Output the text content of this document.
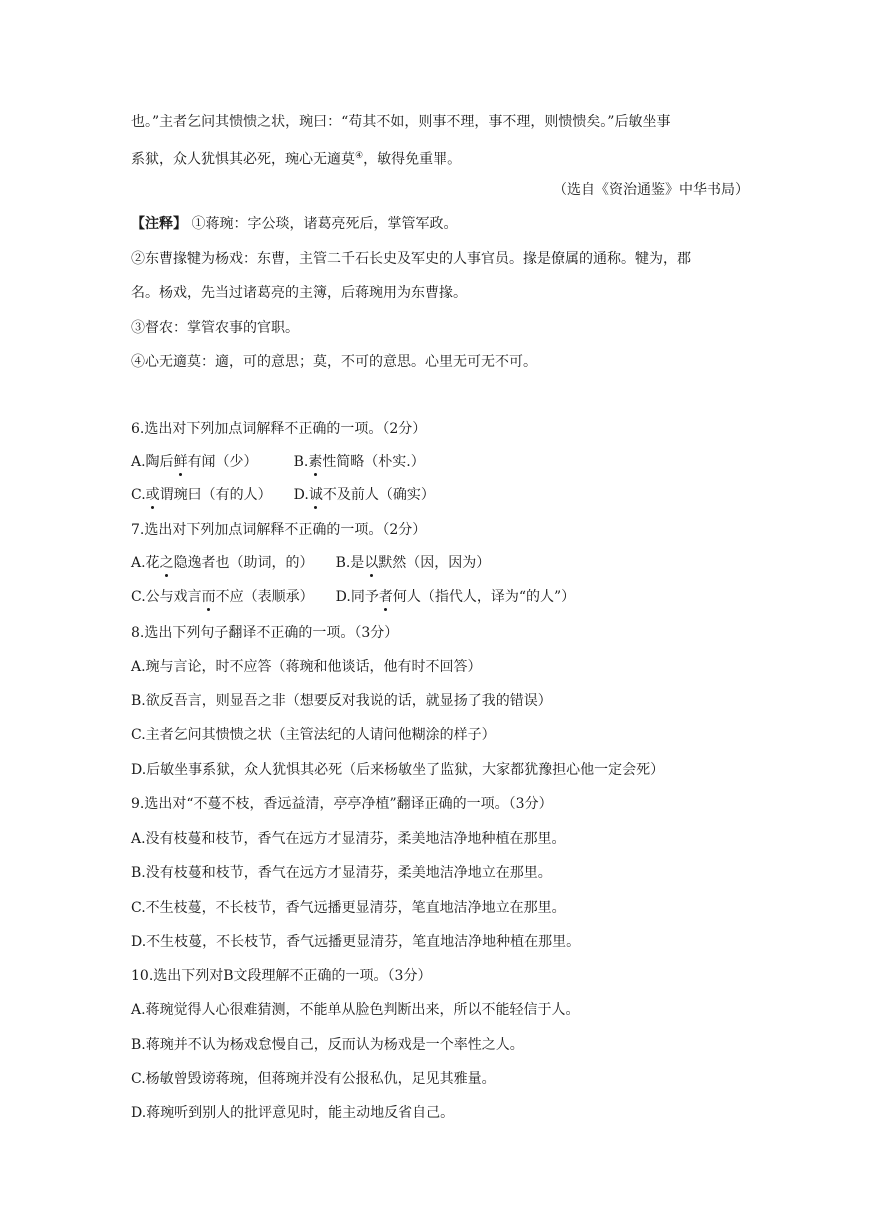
也。”主者乞问其愦愦之状，琬曰：“苟其不如，则事不理，事不理，则愦愦矣。”后敏坐事
系狱，众人犹惧其必死，琬心无適莫④，敏得免重罪。
（选自《资治通鉴》中华书局）
【注释】 ①蒋琬：字公琰，诸葛亮死后，掌管军政。
②东曹掾犍为杨戏：东曹，主管二千石长史及军史的人事官员。掾是僚属的通称。犍为，郡
名。杨戏，先当过诸葛亮的主簿，后蒋琬用为东曹掾。
③督农：掌管农事的官职。
④心无適莫：適，可的意思；莫，不可的意思。心里无可无不可。
6.选出对下列加点词解释不正确的一项。（2分）
A.陶后鲜有闻（少）	B.素性简略（朴实.）
C.或谓琬曰（有的人） D.诚不及前人（确实）
7.选出对下列加点词解释不正确的一项。（2分）
A.花之隐逸者也（助词，的） B.是以默然（因，因为）
C.公与戏言而不应（表顺承） D.同予者何人（指代人，译为“的人”）
8.选出下列句子翻译不正确的一项。（3分）
A.琬与言论，时不应答（蒋琬和他谈话，他有时不回答）
B.欲反吾言，则显吾之非（想要反对我说的话，就显扬了我的错误）
C.主者乞问其愦愦之状（主管法纪的人请问他糊涂的样子）
D.后敏坐事系狱，众人犹惧其必死（后来杨敏坐了监狱，大家都犹豫担心他一定会死）
9.选出对“不蔓不枝，香远益清，亭亭净植”翻译正确的一项。（3分）
A.没有枝蔓和枝节，香气在远方才显清芬，柔美地洁净地种植在那里。
B.没有枝蔓和枝节，香气在远方才显清芬，柔美地洁净地立在那里。
C.不生枝蔓，不长枝节，香气远播更显清芬，笔直地洁净地立在那里。
D.不生枝蔓，不长枝节，香气远播更显清芬，笔直地洁净地种植在那里。
10.选出下列对B文段理解不正确的一项。（3分）
A.蒋琬觉得人心很难猜测，不能单从脸色判断出来，所以不能轻信于人。
B.蒋琬并不认为杨戏怠慢自己，反而认为杨戏是一个率性之人。
C.杨敏曾毁谤蒋琬，但蒋琬并没有公报私仇，足见其雅量。
D.蒋琬听到别人的批评意见时，能主动地反省自己。
